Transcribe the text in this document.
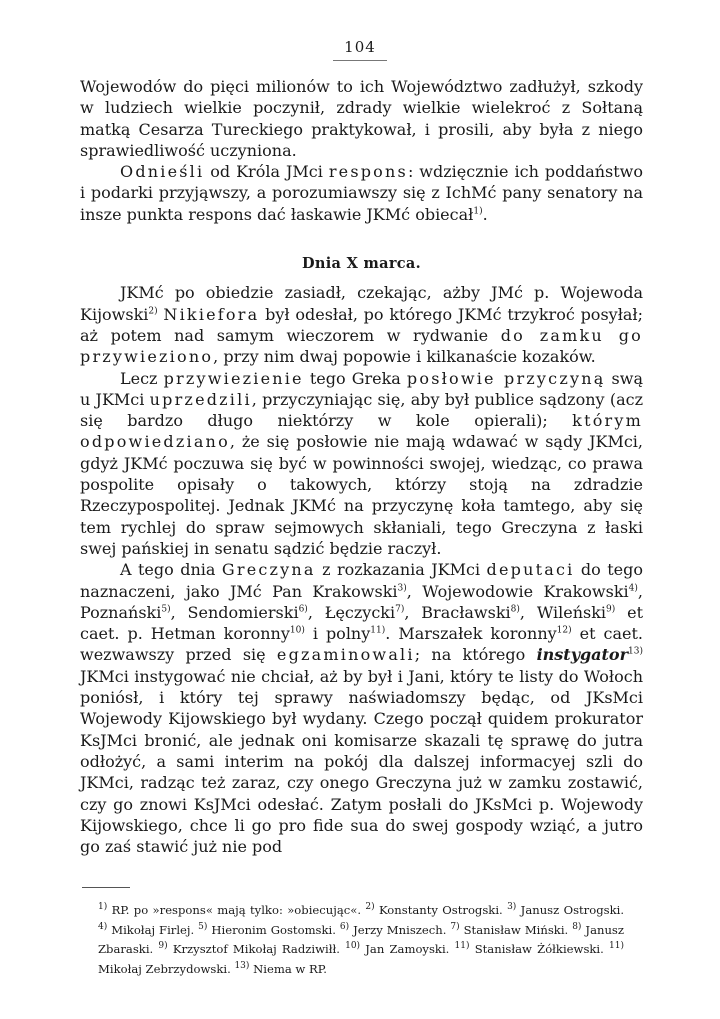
104

Wojewodów do pięci milionów to ich Województwo zadłużył, szkody w ludziech wielkie poczynił, zdrady wielkie wielekroć z Sołtaną matką Cesarza Tureckiego praktykował, i prosili, aby była z niego sprawiedliwość uczyniona.

Odnieśli od Króla JMci respons: wdzięcznie ich poddaństwo i podarki przyjąwszy, a porozumiawszy się z IchMć pany senatory na insze punkta respons dać łaskawie JKMć obiecał$^{1)}$.

Dnia X marca.

JKMć po obiedzie zasiadł, czekając, ażby JMć p. Wojewoda Kijowski$^{2)}$ Nikiefora był odesłał, po którego JKMć trzykroć posyłał; aż potem nad samym wieczorem w rydwanie do zamku go przywieziono, przy nim dwaj popowie i kilkanaście kozaków.

Lecz przywiezienie tego Greka posłowie przyczyną swą u JKMci uprzedzili, przyczyniając się, aby był publice sądzony (acz się bardzo długo niektórzy w kole opierali); którym odpowiedziano, że się posłowie nie mają wdawać w sądy JKMci, gdyż JKMć poczuwa się być w powinności swojej, wiedząc, co prawa pospolite opisały o takowych, którzy stoją na zdradzie Rzeczypospolitej. Jednak JKMć na przyczynę koła tamtego, aby się tem rychlej do spraw sejmowych skłaniali, tego Greczyna z łaski swej pańskiej in senatu sądzić będzie raczył.

A tego dnia Greczyna z rozkazania JKMci deputaci do tego naznaczeni, jako JMć Pan Krakowski$^{3)}$, Wojewodowie Krakowski$^{4)}$, Poznański$^{5)}$, Sendomierski$^{6)}$, Łęczycki$^{7)}$, Bracławski$^{8)}$, Wileński$^{9)}$ et caet. p. Hetman koronny$^{10)}$ i polny$^{11)}$. Marszałek koronny$^{12)}$ et caet. wezwawszy przed się egzaminowali; na którego instygator$^{13)}$ JKMci instygować nie chciał, aż by był i Jani, który te listy do Wołoch poniósł, i który tej sprawy naświadomszy będąc, od JKsMci Wojewody Kijowskiego był wydany. Czego począł quidem prokurator KsJMci bronić, ale jednak oni komisarze skazali tę sprawę do jutra odłożyć, a sami interim na pokój dla dalszej informacyej szli do JKMci, radząc też zaraz, czy onego Greczyna już w zamku zostawić, czy go znowi KsJMci odesłać. Zatym posłali do JKsMci p. Wojewody Kijowskiego, chce li go pro fide sua do swej gospody wziąć, a jutro go zaś stawić już nie pod

$^{1)}$ RP. po »respons« mają tylko: »obiecując«. $^{2)}$ Konstanty Ostrogski. $^{3)}$ Janusz Ostrogski. $^{4)}$ Mikołaj Firlej. $^{5)}$ Hieronim Gostomski. $^{6)}$ Jerzy Mniszech. $^{7)}$ Stanisław Miński. $^{8)}$ Janusz Zbaraski. $^{9)}$ Krzysztof Mikołaj Radziwiłł. $^{10)}$ Jan Zamoyski. $^{11)}$ Stanisław Żółkiewski. $^{11)}$ Mikołaj Zebrzydowski. $^{13)}$ Niema w RP.
